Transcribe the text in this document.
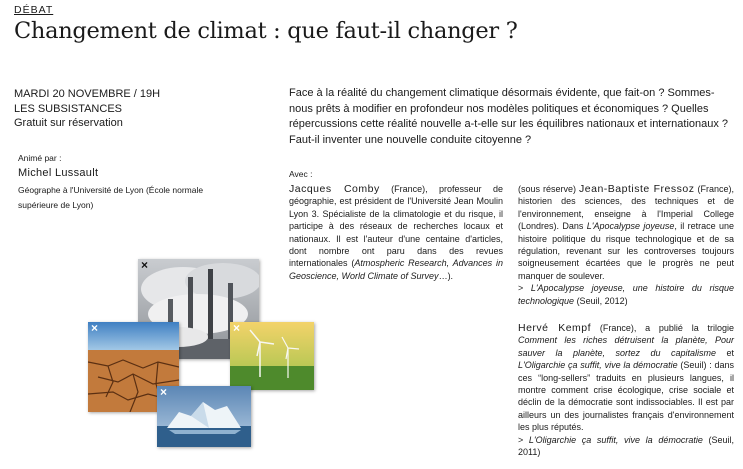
DÉBAT
Changement de climat : que faut-il changer ?
MARDI 20 NOVEMBRE / 19H
LES SUBSISTANCES
Gratuit sur réservation
Face à la réalité du changement climatique désormais évidente, que fait-on ? Sommes-nous prêts à modifier en profondeur nos modèles politiques et économiques ? Quelles répercussions cette réalité nouvelle a-t-elle sur les équilibres nationaux et internationaux ? Faut-il inventer une nouvelle conduite citoyenne ?
Animé par :
Michel Lussault
Géographe à l'Université de Lyon (École normale supérieure de Lyon)
Avec :
Jacques Comby (France), professeur de géographie, est président de l'Université Jean Moulin Lyon 3. Spécialiste de la climatologie et du risque, il participe à des réseaux de recherches locaux et nationaux. Il est l'auteur d'une centaine d'articles, dont nombre ont paru dans des revues internationales (Atmospheric Research, Advances in Geoscience, World Climate of Survey…).
(sous réserve) Jean-Baptiste Fressoz (France), historien des sciences, des techniques et de l'environnement, enseigne à l'Imperial College (Londres). Dans L'Apocalypse joyeuse, il retrace une histoire politique du risque technologique et de sa régulation, revenant sur les controverses toujours soigneusement écartées que le progrès ne peut manquer de soulever.
> L'Apocalypse joyeuse, une histoire du risque technologique (Seuil, 2012)
Hervé Kempf (France), a publié la trilogie Comment les riches détruisent la planète, Pour sauver la planète, sortez du capitalisme et L'Oligarchie ça suffit, vive la démocratie (Seuil) : dans ces “long-sellers” traduits en plusieurs langues, il montre comment crise écologique, crise sociale et déclin de la démocratie sont indissociables. Il est par ailleurs un des journalistes français d'environnement les plus réputés.
> L'Oligarchie ça suffit, vive la démocratie (Seuil, 2011)
×
×	×
×
